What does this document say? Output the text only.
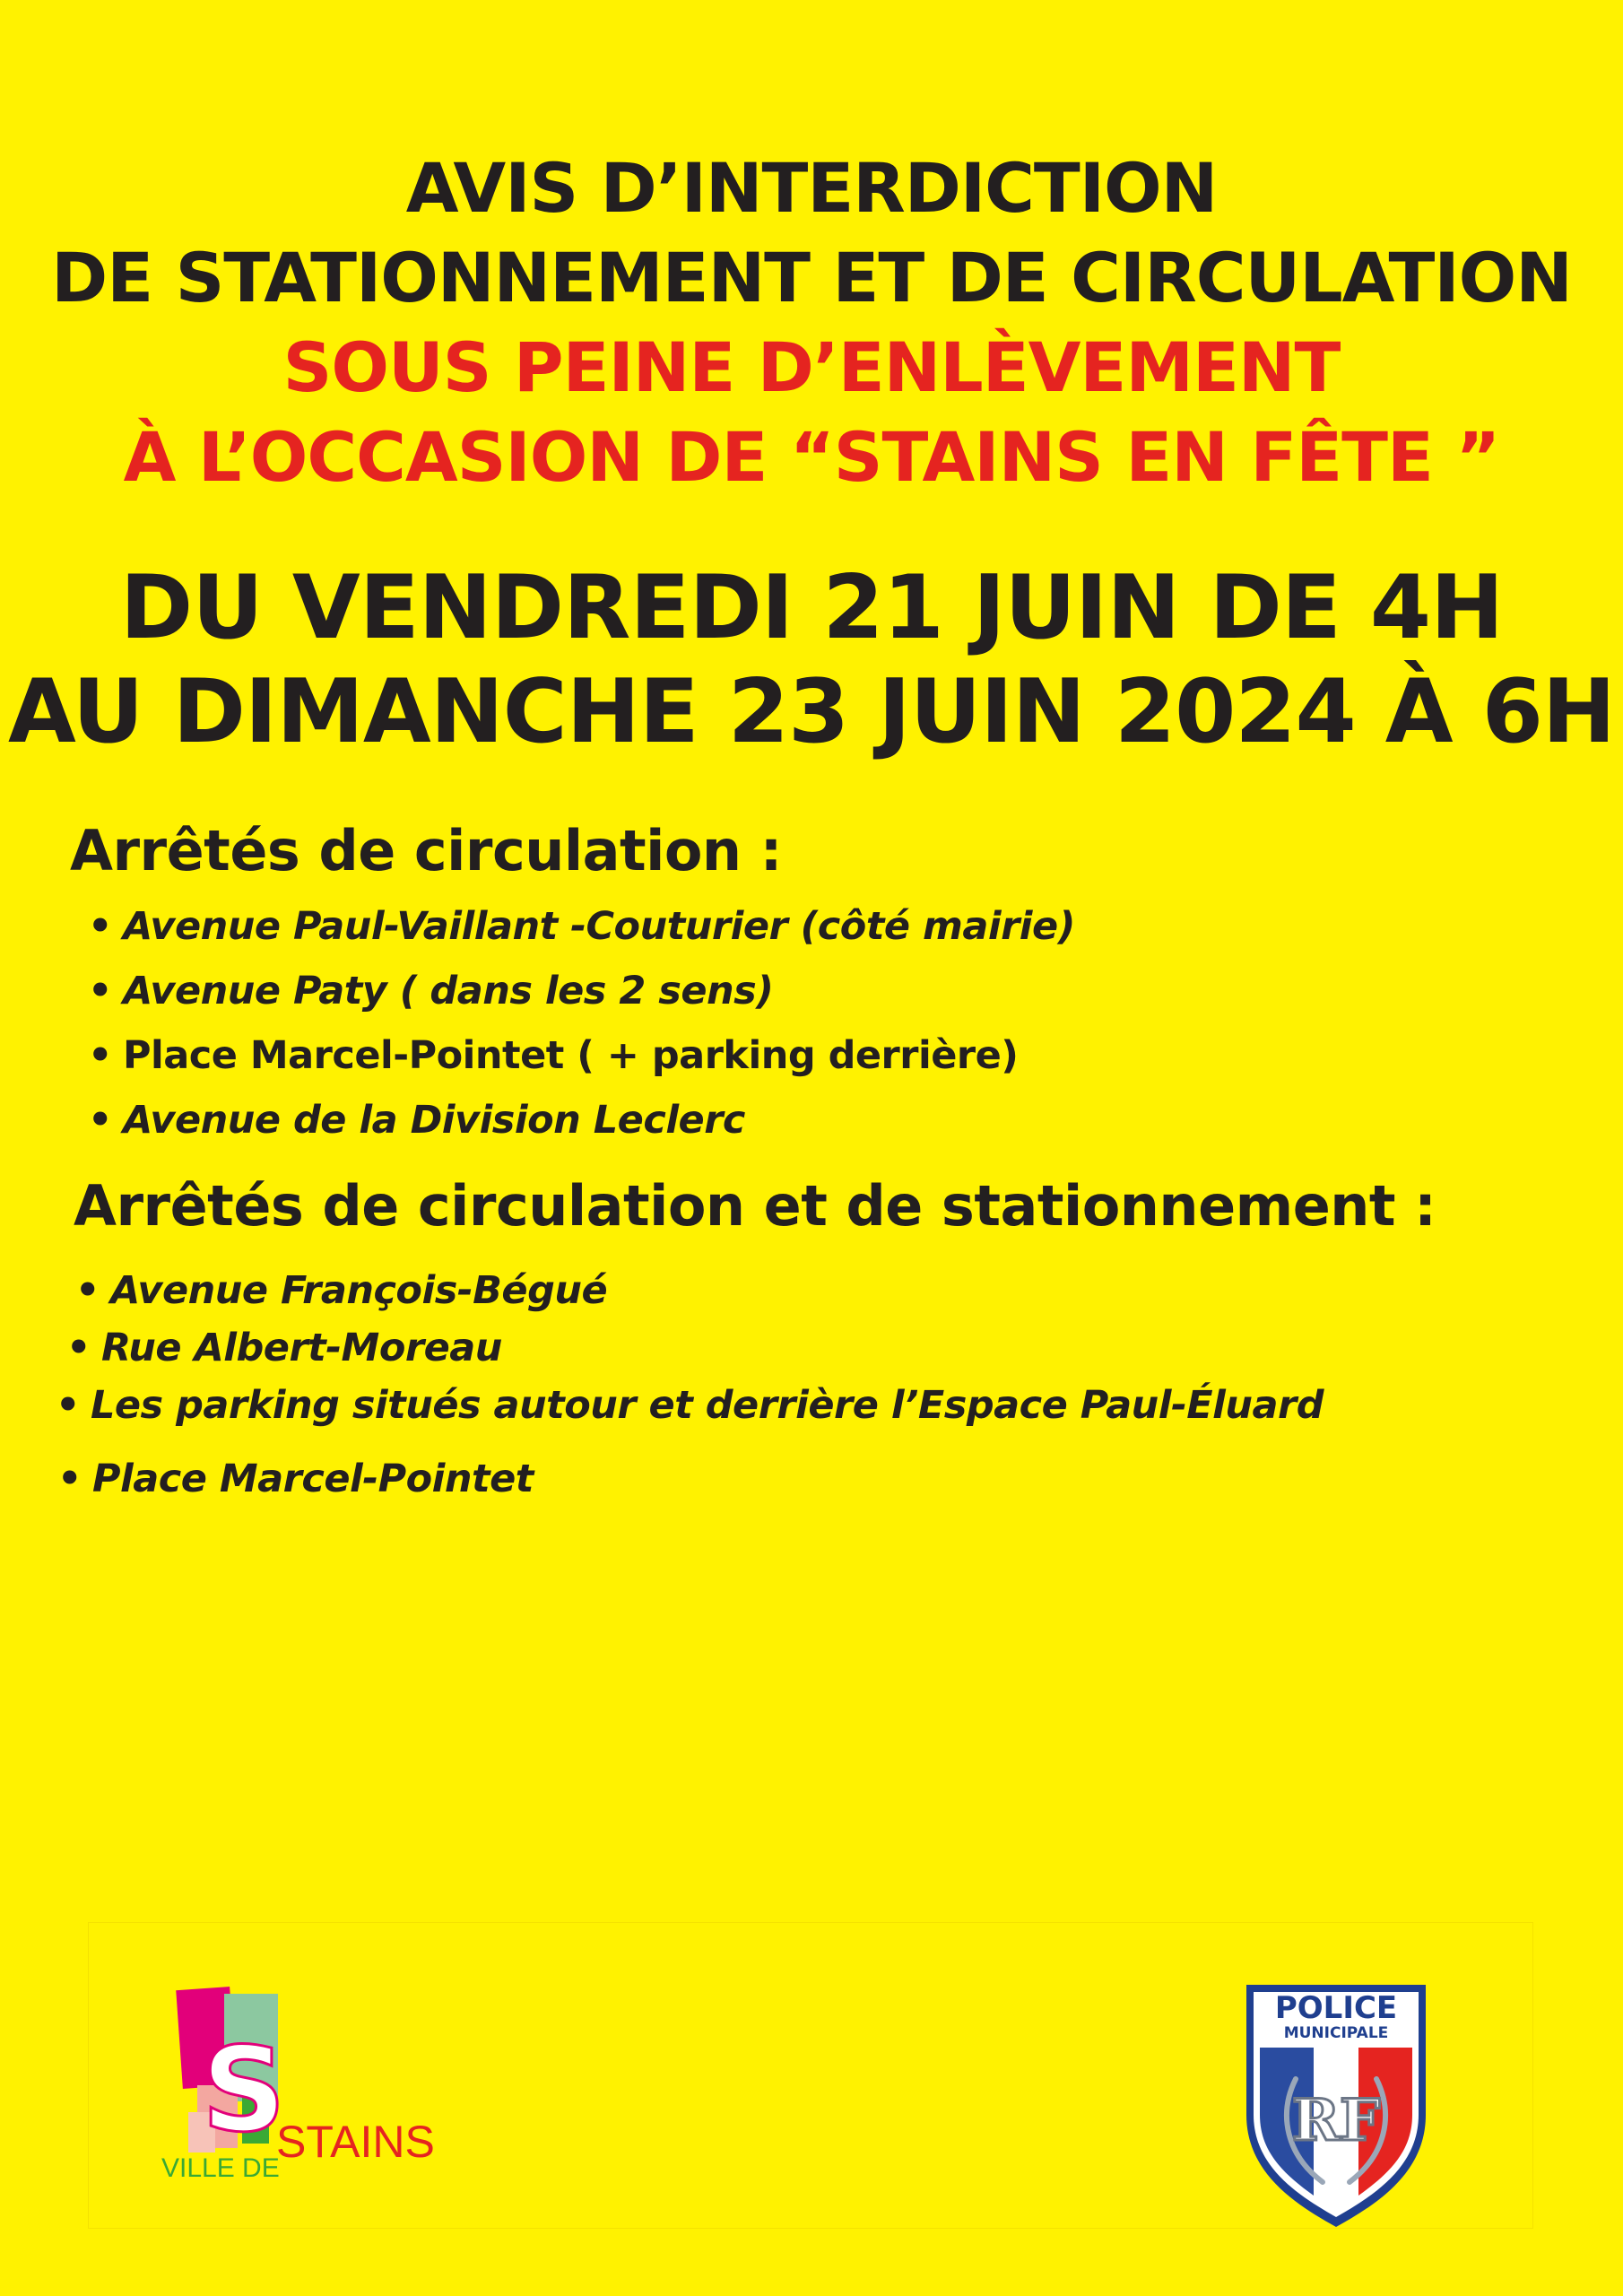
AVIS D’INTERDICTION
DE STATIONNEMENT ET DE CIRCULATION
SOUS PEINE D’ENLÈVEMENT
À L’OCCASION DE “STAINS EN FÊTE ”
DU VENDREDI 21 JUIN DE 4H
AU DIMANCHE 23 JUIN 2024 À 6H
Arrêtés de circulation :
• Avenue Paul-Vaillant -Couturier (côté mairie)
• Avenue Paty ( dans les 2 sens)
• Place Marcel-Pointet ( + parking derrière)
• Avenue de la Division Leclerc
Arrêtés de circulation et de stationnement :
• Avenue François-Bégué
• Rue Albert-Moreau
• Les parking situés autour et derrière l’Espace Paul-Éluard
• Place Marcel-Pointet
S
VILLE DE
STAINS
POLICE
MUNICIPALE
RF
